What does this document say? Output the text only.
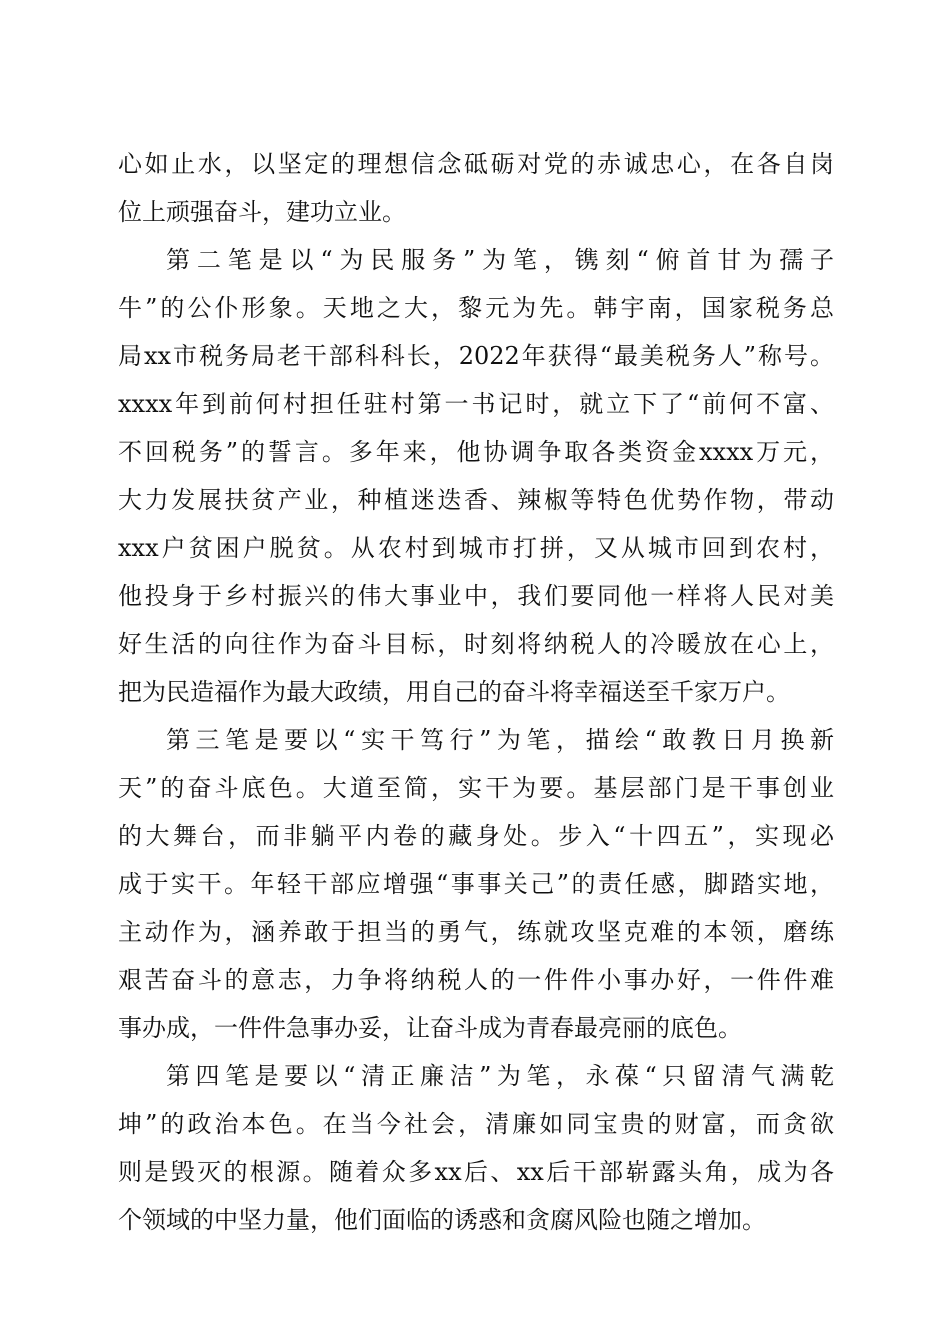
心如止水，以坚定的理想信念砥砺对党的赤诚忠心，在各自岗
位上顽强奋斗，建功立业。
第二笔是以“为民服务”为笔，镌刻“俯首甘为孺子
牛”的公仆形象。天地之大，黎元为先。韩宇南，国家税务总
局xx市税务局老干部科科长，2022年获得“最美税务人”称号。
xxxx年到前何村担任驻村第一书记时，就立下了“前何不富、
不回税务”的誓言。多年来，他协调争取各类资金xxxx万元，
大力发展扶贫产业，种植迷迭香、辣椒等特色优势作物，带动
xxx户贫困户脱贫。从农村到城市打拼，又从城市回到农村，
他投身于乡村振兴的伟大事业中，我们要同他一样将人民对美
好生活的向往作为奋斗目标，时刻将纳税人的冷暖放在心上，
把为民造福作为最大政绩，用自己的奋斗将幸福送至千家万户。
第三笔是要以“实干笃行”为笔，描绘“敢教日月换新
天”的奋斗底色。大道至简，实干为要。基层部门是干事创业
的大舞台，而非躺平内卷的藏身处。步入“十四五”，实现必
成于实干。年轻干部应增强“事事关己”的责任感，脚踏实地，
主动作为，涵养敢于担当的勇气，练就攻坚克难的本领，磨练
艰苦奋斗的意志，力争将纳税人的一件件小事办好，一件件难
事办成，一件件急事办妥，让奋斗成为青春最亮丽的底色。
第四笔是要以“清正廉洁”为笔，永葆“只留清气满乾
坤”的政治本色。在当今社会，清廉如同宝贵的财富，而贪欲
则是毁灭的根源。随着众多xx后、xx后干部崭露头角，成为各
个领域的中坚力量，他们面临的诱惑和贪腐风险也随之增加。
